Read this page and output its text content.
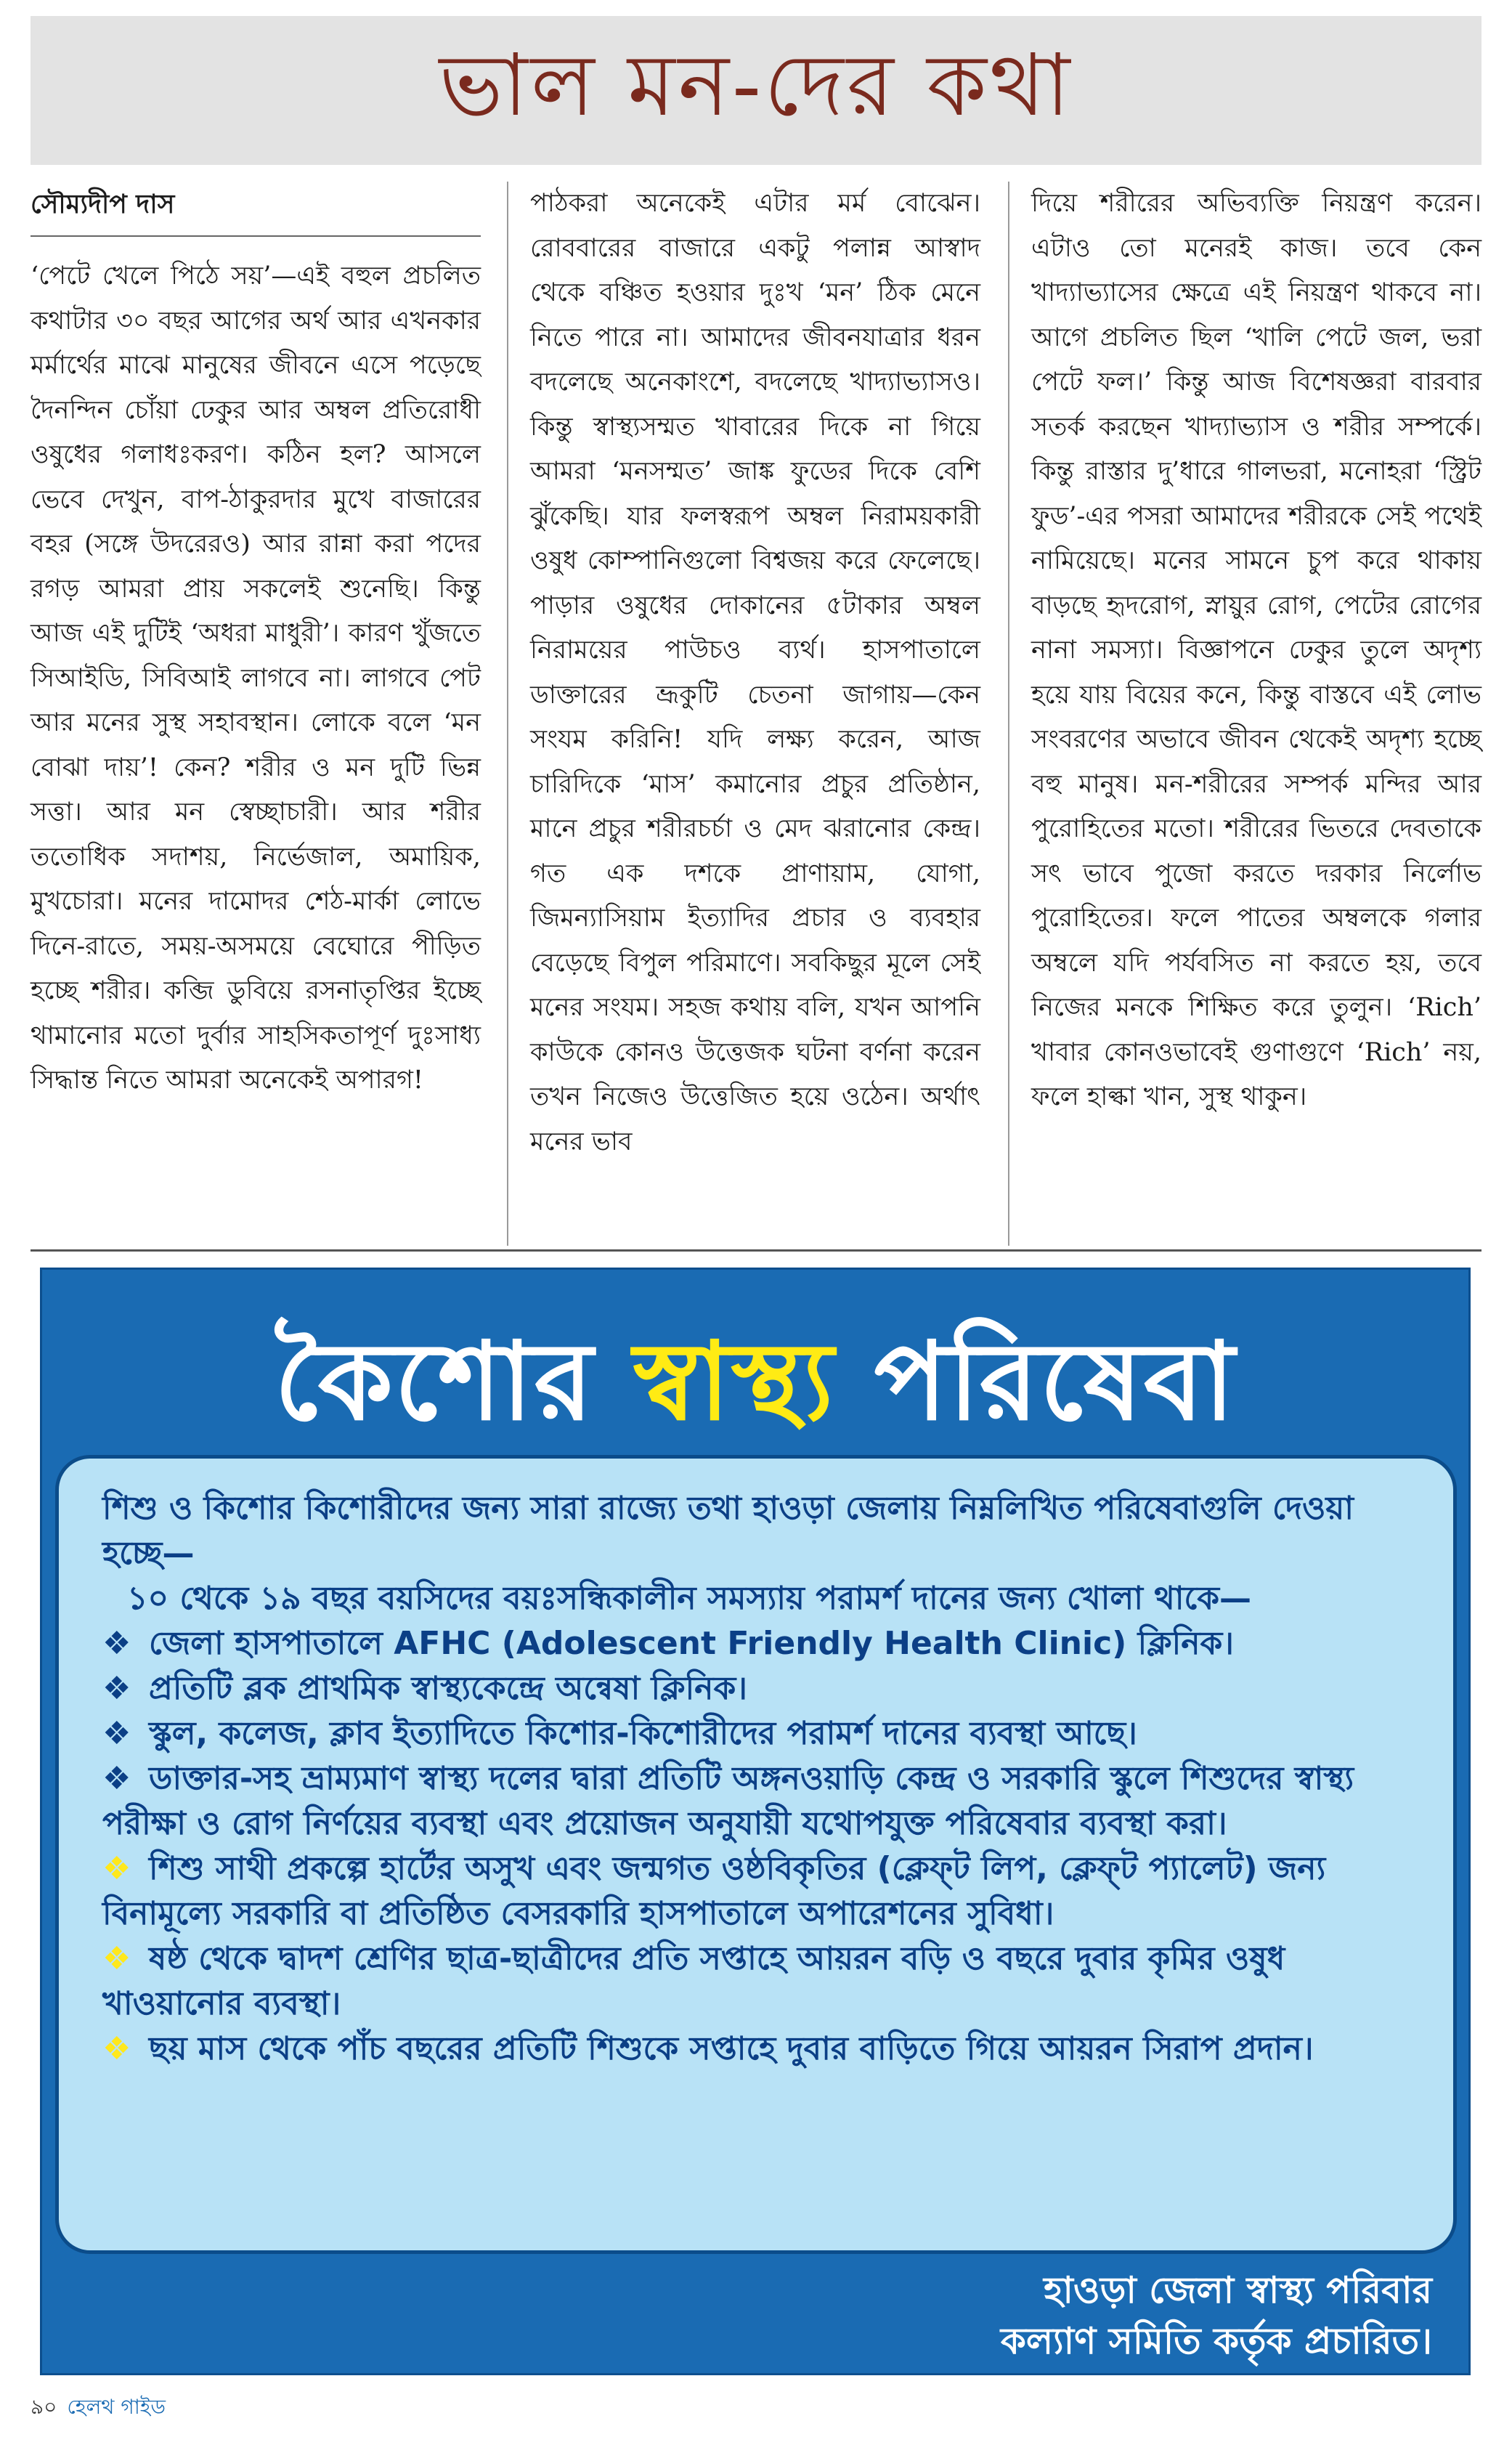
ভাল মন-দের কথা
সৌম্যদীপ দাস
‘পেটে খেলে পিঠে সয়’—এই বহুল প্রচলিত কথাটার ৩০ বছর আগের অর্থ আর এখনকার মর্মার্থের মাঝে মানুষের জীবনে এসে পড়েছে দৈনন্দিন চোঁয়া ঢেকুর আর অম্বল প্রতিরোধী ওষুধের গলাধঃকরণ। কঠিন হল? আসলে ভেবে দেখুন, বাপ-ঠাকুরদার মুখে বাজারের বহর (সঙ্গে উদরেরও) আর রান্না করা পদের রগড় আমরা প্রায় সকলেই শুনেছি। কিন্তু আজ এই দুটিই ‘অধরা মাধুরী’। কারণ খুঁজতে সিআইডি, সিবিআই লাগবে না। লাগবে পেট আর মনের সুস্থ সহাবস্থান। লোকে বলে ‘মন বোঝা দায়’! কেন? শরীর ও মন দুটি ভিন্ন সত্তা। আর মন স্বেচ্ছাচারী। আর শরীর ততোধিক সদাশয়, নির্ভেজাল, অমায়িক, মুখচোরা। মনের দামোদর শেঠ-মার্কা লোভে দিনে-রাতে, সময়-অসময়ে বেঘোরে পীড়িত হচ্ছে শরীর। কব্জি ডুবিয়ে রসনাতৃপ্তির ইচ্ছে থামানোর মতো দুর্বার সাহসিকতাপূর্ণ দুঃসাধ্য সিদ্ধান্ত নিতে আমরা অনেকেই অপারগ!
পাঠকরা অনেকেই এটার মর্ম বোঝেন। রোববারের বাজারে একটু পলান্ন আস্বাদ থেকে বঞ্চিত হওয়ার দুঃখ ‘মন’ ঠিক মেনে নিতে পারে না। আমাদের জীবনযাত্রার ধরন বদলেছে অনেকাংশে, বদলেছে খাদ্যাভ্যাসও। কিন্তু স্বাস্থ্যসম্মত খাবারের দিকে না গিয়ে আমরা ‘মনসম্মত’ জাঙ্ক ফুডের দিকে বেশি ঝুঁকেছি। যার ফলস্বরূপ অম্বল নিরাময়কারী ওষুধ কোম্পানিগুলো বিশ্বজয় করে ফেলেছে। পাড়ার ওষুধের দোকানের ৫টাকার অম্বল নিরাময়ের পাউচও ব্যর্থ। হাসপাতালে ডাক্তারের ভ্রূকুটি চেতনা জাগায়—কেন সংযম করিনি! যদি লক্ষ্য করেন, আজ চারিদিকে ‘মাস’ কমানোর প্রচুর প্রতিষ্ঠান, মানে প্রচুর শরীরচর্চা ও মেদ ঝরানোর কেন্দ্র। গত এক দশকে প্রাণায়াম, যোগা, জিমন্যাসিয়াম ইত্যাদির প্রচার ও ব্যবহার বেড়েছে বিপুল পরিমাণে। সবকিছুর মূলে সেই মনের সংযম। সহজ কথায় বলি, যখন আপনি কাউকে কোনও উত্তেজক ঘটনা বর্ণনা করেন তখন নিজেও উত্তেজিত হয়ে ওঠেন। অর্থাৎ মনের ভাব
দিয়ে শরীরের অভিব্যক্তি নিয়ন্ত্রণ করেন। এটাও তো মনেরই কাজ। তবে কেন খাদ্যাভ্যাসের ক্ষেত্রে এই নিয়ন্ত্রণ থাকবে না। আগে প্রচলিত ছিল ‘খালি পেটে জল, ভরা পেটে ফল।’ কিন্তু আজ বিশেষজ্ঞরা বারবার সতর্ক করছেন খাদ্যাভ্যাস ও শরীর সম্পর্কে। কিন্তু রাস্তার দু’ধারে গালভরা, মনোহরা ‘স্ট্রিট ফুড’-এর পসরা আমাদের শরীরকে সেই পথেই নামিয়েছে। মনের সামনে চুপ করে থাকায় বাড়ছে হৃদরোগ, স্নায়ুর রোগ, পেটের রোগের নানা সমস্যা। বিজ্ঞাপনে ঢেকুর তুলে অদৃশ্য হয়ে যায় বিয়ের কনে, কিন্তু বাস্তবে এই লোভ সংবরণের অভাবে জীবন থেকেই অদৃশ্য হচ্ছে বহু মানুষ। মন-শরীরের সম্পর্ক মন্দির আর পুরোহিতের মতো। শরীরের ভিতরে দেবতাকে সৎ ভাবে পুজো করতে দরকার নির্লোভ পুরোহিতের। ফলে পাতের অম্বলকে গলার অম্বলে যদি পর্যবসিত না করতে হয়, তবে নিজের মনকে শিক্ষিত করে তুলুন। ‘Rich’ খাবার কোনওভাবেই গুণাগুণে ‘Rich’ নয়, ফলে হাল্কা খান, সুস্থ থাকুন।
কৈশোর স্বাস্থ্য পরিষেবা

শিশু ও কিশোর কিশোরীদের জন্য সারা রাজ্যে তথা হাওড়া জেলায় নিম্নলিখিত পরিষেবাগুলি দেওয়া হচ্ছে—

১০ থেকে ১৯ বছর বয়সিদের বয়ঃসন্ধিকালীন সমস্যায় পরামর্শ দানের জন্য খোলা থাকে—

❖ জেলা হাসপাতালে AFHC (Adolescent Friendly Health Clinic) ক্লিনিক।

❖ প্রতিটি ব্লক প্রাথমিক স্বাস্থ্যকেন্দ্রে অন্বেষা ক্লিনিক।

❖ স্কুল, কলেজ, ক্লাব ইত্যাদিতে কিশোর-কিশোরীদের পরামর্শ দানের ব্যবস্থা আছে।

❖ ডাক্তার-সহ ভ্রাম্যমাণ স্বাস্থ্য দলের দ্বারা প্রতিটি অঙ্গনওয়াড়ি কেন্দ্র ও সরকারি স্কুলে শিশুদের স্বাস্থ্য পরীক্ষা ও রোগ নির্ণয়ের ব্যবস্থা এবং প্রয়োজন অনুযায়ী যথোপযুক্ত পরিষেবার ব্যবস্থা করা।

❖ শিশু সাথী প্রকল্পে হার্টের অসুখ এবং জন্মগত ওষ্ঠবিকৃতির (ক্লেফ্‌ট লিপ, ক্লেফ্‌ট প্যালেট) জন্য বিনামূল্যে সরকারি বা প্রতিষ্ঠিত বেসরকারি হাসপাতালে অপারেশনের সুবিধা।

❖ ষষ্ঠ থেকে দ্বাদশ শ্রেণির ছাত্র-ছাত্রীদের প্রতি সপ্তাহে আয়রন বড়ি ও বছরে দুবার কৃমির ওষুধ খাওয়ানোর ব্যবস্থা।

❖ ছয় মাস থেকে পাঁচ বছরের প্রতিটি শিশুকে সপ্তাহে দুবার বাড়িতে গিয়ে আয়রন সিরাপ প্রদান।

হাওড়া জেলা স্বাস্থ্য পরিবার
কল্যাণ সমিতি কর্তৃক প্রচারিত।
৯০ হেলথ গাইড
